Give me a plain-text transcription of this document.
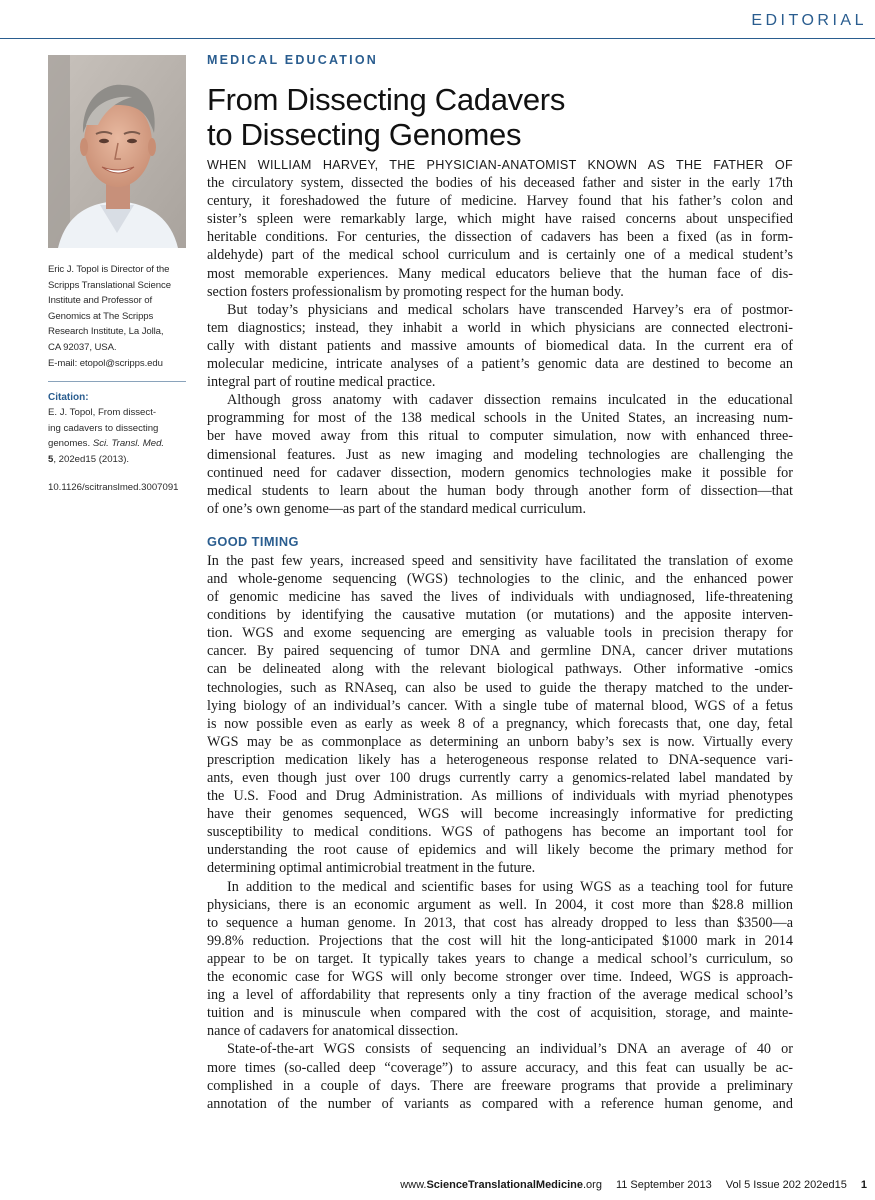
EDITORIAL
Eric J. Topol is Director of the
Scripps Translational Science
Institute and Professor of
Genomics at The Scripps
Research Institute, La Jolla,
CA 92037, USA.
E-mail: etopol@scripps.edu
Citation:
E. J. Topol, From dissect-
ing cadavers to dissecting
genomes. Sci. Transl. Med.
5, 202ed15 (2013).
10.1126/scitranslmed.3007091
MEDICAL EDUCATION
From Dissecting Cadavers
to Dissecting Genomes
WHEN WILLIAM HARVEY, THE PHYSICIAN-ANATOMIST KNOWN AS THE FATHER OF
the circulatory system, dissected the bodies of his deceased father and sister in the early 17th
century, it foreshadowed the future of medicine. Harvey found that his father’s colon and
sister’s spleen were remarkably large, which might have raised concerns about unspecified
heritable conditions. For centuries, the dissection of cadavers has been a fixed (as in form-
aldehyde) part of the medical school curriculum and is certainly one of a medical student’s
most memorable experiences. Many medical educators believe that the human face of dis-
section fosters professionalism by promoting respect for the human body.
But today’s physicians and medical scholars have transcended Harvey’s era of postmor-
tem diagnostics; instead, they inhabit a world in which physicians are connected electroni-
cally with distant patients and massive amounts of biomedical data. In the current era of
molecular medicine, intricate analyses of a patient’s genomic data are destined to become an
integral part of routine medical practice.
Although gross anatomy with cadaver dissection remains inculcated in the educational
programming for most of the 138 medical schools in the United States, an increasing num-
ber have moved away from this ritual to computer simulation, now with enhanced three-
dimensional features. Just as new imaging and modeling technologies are challenging the
continued need for cadaver dissection, modern genomics technologies make it possible for
medical students to learn about the human body through another form of dissection—that
of one’s own genome—as part of the standard medical curriculum.
GOOD TIMING
In the past few years, increased speed and sensitivity have facilitated the translation of exome
and whole-genome sequencing (WGS) technologies to the clinic, and the enhanced power
of genomic medicine has saved the lives of individuals with undiagnosed, life-threatening
conditions by identifying the causative mutation (or mutations) and the apposite interven-
tion. WGS and exome sequencing are emerging as valuable tools in precision therapy for
cancer. By paired sequencing of tumor DNA and germline DNA, cancer driver mutations
can be delineated along with the relevant biological pathways. Other informative -omics
technologies, such as RNAseq, can also be used to guide the therapy matched to the under-
lying biology of an individual’s cancer. With a single tube of maternal blood, WGS of a fetus
is now possible even as early as week 8 of a pregnancy, which forecasts that, one day, fetal
WGS may be as commonplace as determining an unborn baby’s sex is now. Virtually every
prescription medication likely has a heterogeneous response related to DNA-sequence vari-
ants, even though just over 100 drugs currently carry a genomics-related label mandated by
the U.S. Food and Drug Administration. As millions of individuals with myriad phenotypes
have their genomes sequenced, WGS will become increasingly informative for predicting
susceptibility to medical conditions. WGS of pathogens has become an important tool for
understanding the root cause of epidemics and will likely become the primary method for
determining optimal antimicrobial treatment in the future.
In addition to the medical and scientific bases for using WGS as a teaching tool for future
physicians, there is an economic argument as well. In 2004, it cost more than $28.8 million
to sequence a human genome. In 2013, that cost has already dropped to less than $3500—a
99.8% reduction. Projections that the cost will hit the long-anticipated $1000 mark in 2014
appear to be on target. It typically takes years to change a medical school’s curriculum, so
the economic case for WGS will only become stronger over time. Indeed, WGS is approach-
ing a level of affordability that represents only a tiny fraction of the average medical school’s
tuition and is minuscule when compared with the cost of acquisition, storage, and mainte-
nance of cadavers for anatomical dissection.
State-of-the-art WGS consists of sequencing an individual’s DNA an average of 40 or
more times (so-called deep “coverage”) to assure accuracy, and this feat can usually be ac-
complished in a couple of days. There are freeware programs that provide a preliminary
annotation of the number of variants as compared with a reference human genome, and
www.ScienceTranslationalMedicine.org 11 September 2013 Vol 5 Issue 202 202ed15 1
